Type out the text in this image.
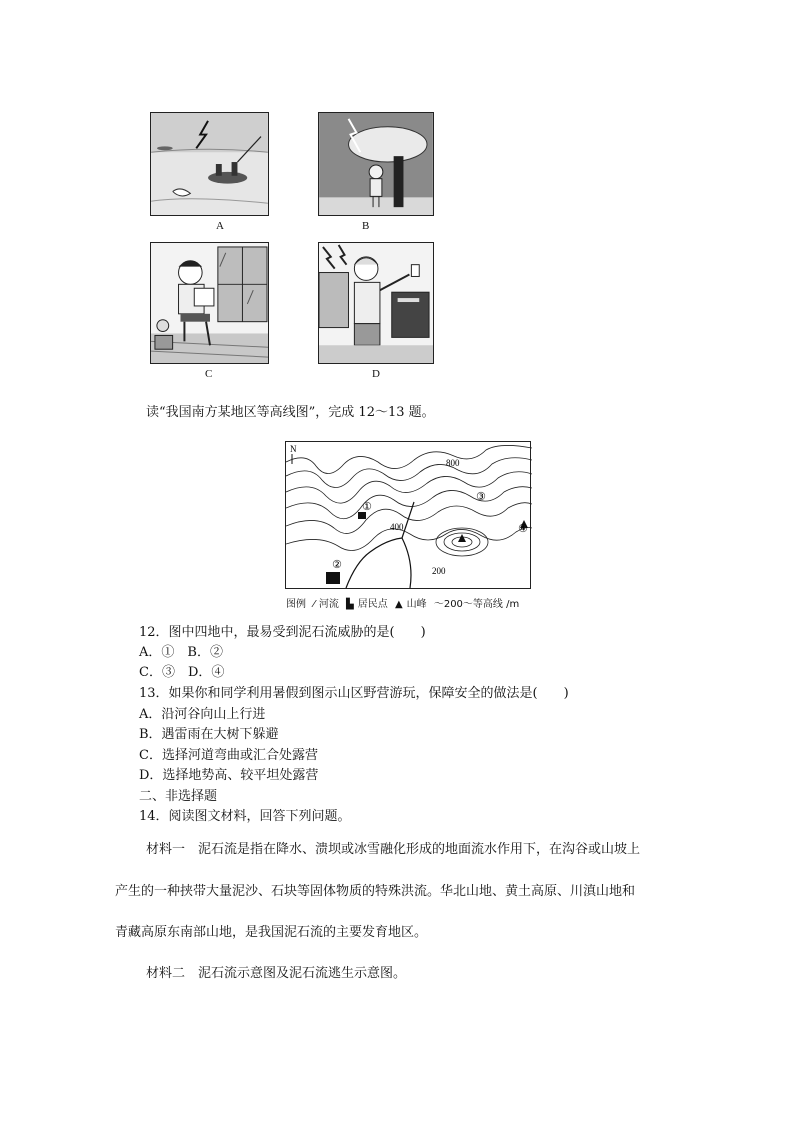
A	B
C	D
读“我国南方某地区等高线图”，完成 12～13 题。
N
800
400
200
①
②
③
④
图例 ⁄ 河流 ▙ 居民点 ▲ 山峰 ～200～等高线 /m
12．图中四地中，最易受到泥石流威胁的是(　　)
A．①　B．②
C．③　D．④
13．如果你和同学利用暑假到图示山区野营游玩，保障安全的做法是(　　)
A．沿河谷向山上行进
B．遇雷雨在大树下躲避
C．选择河道弯曲或汇合处露营
D．选择地势高、较平坦处露营
二、非选择题
14．阅读图文材料，回答下列问题。
材料一　泥石流是指在降水、溃坝或冰雪融化形成的地面流水作用下，在沟谷或山坡上
产生的一种挟带大量泥沙、石块等固体物质的特殊洪流。华北山地、黄土高原、川滇山地和
青藏高原东南部山地，是我国泥石流的主要发育地区。
材料二　泥石流示意图及泥石流逃生示意图。
